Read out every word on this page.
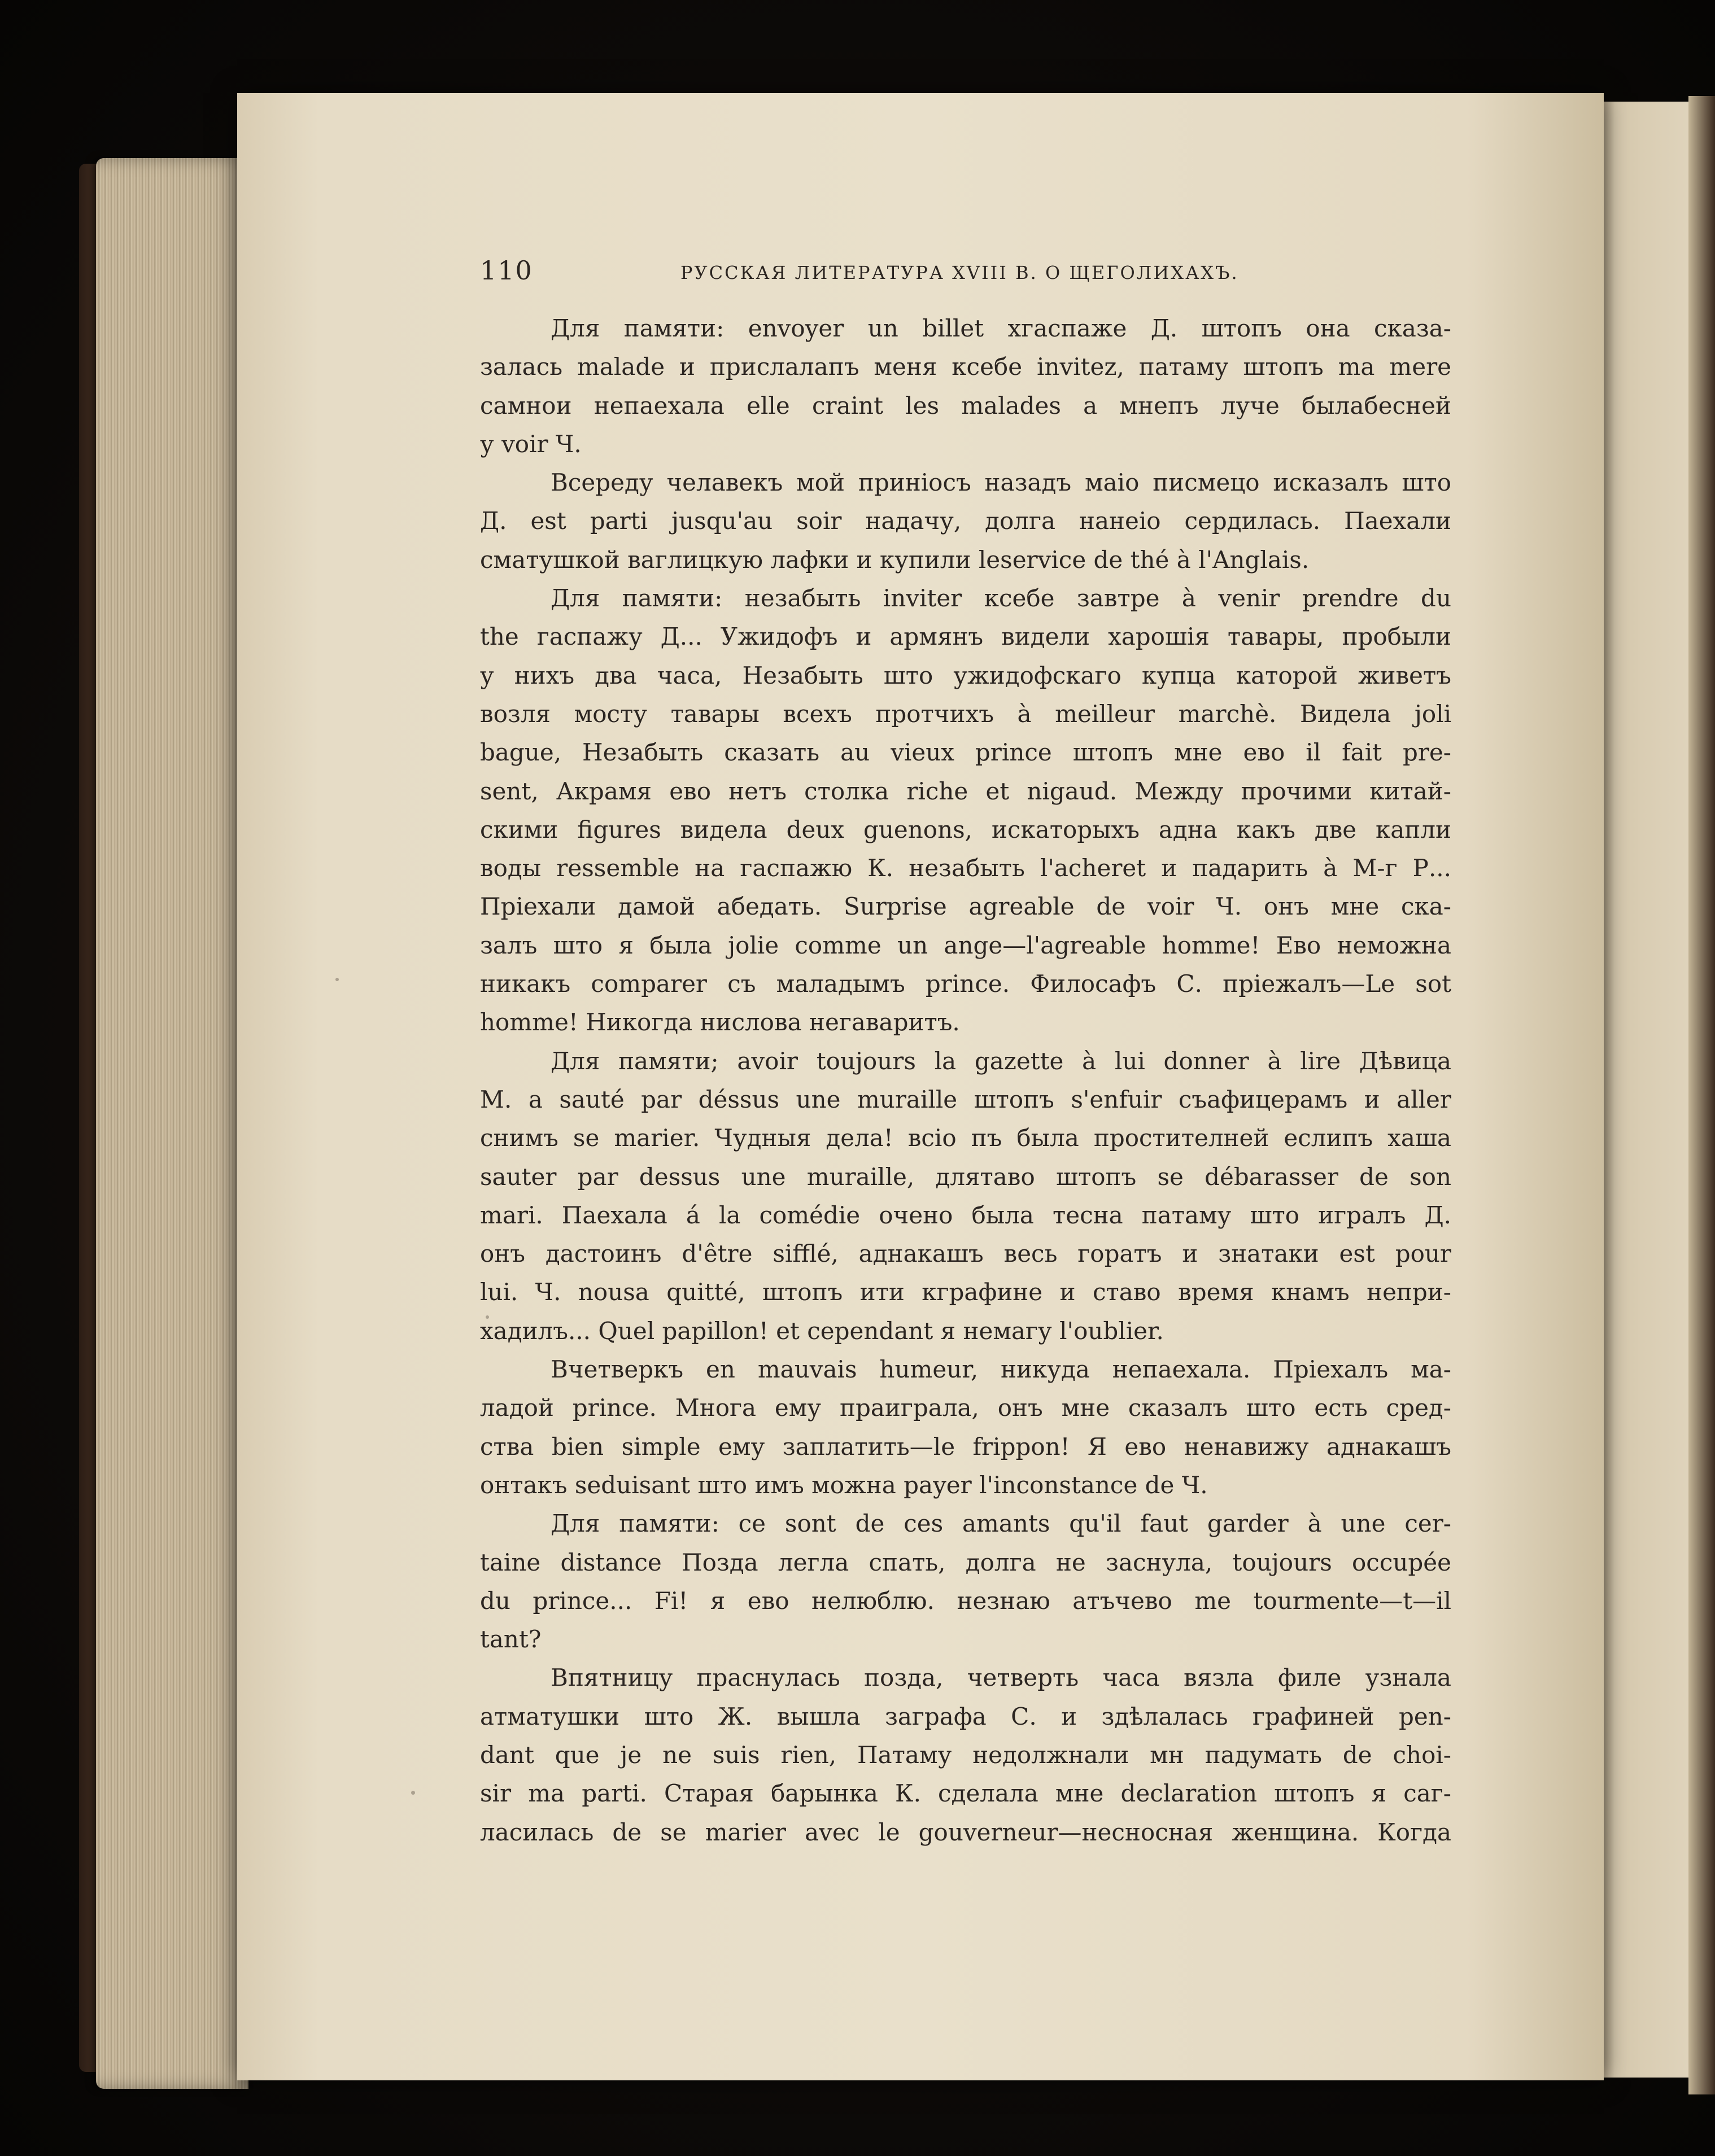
110	РУССКАЯ ЛИТЕРАТУРА XVIII В. О ЩЕГОЛИХАХЪ.
Для памяти: envoyer un billet хгаспаже Д. штопъ она сказа-
залась malade и прислалапъ меня ксебе invitez, патаму штопъ ma mere
самнои непаехала elle craint les malades а мнепъ луче былабесней
у voir Ч.
Всереду челавекъ мой приніосъ назадъ маіо писмецо исказалъ што
Д. est parti jusqu'au soir надачу, долга нанеіо сердилась. Паехали
сматушкой ваглицкую лафки и купили leservice de thé à l'Anglais.
Для памяти: незабыть inviter ксебе завтре à venir prendre du
the гаспажу Д... Ужидофъ и армянъ видели харошія тавары, пробыли
у нихъ два часа, Незабыть што ужидофскаго купца каторой живетъ
возля мосту тавары всехъ протчихъ à meilleur marchè. Видела joli
bague, Незабыть сказать au vieux prince штопъ мне ево il fait pre-
sent, Акрамя ево нетъ столка riche et nigaud. Между прочими китай-
скими figures видела deux guenons, искаторыхъ адна какъ две капли
воды ressemble на гаспажю К. незабыть l'acheret и падарить à М-г Р...
Пріехали дамой абедать. Surprise agreable de voir Ч. онъ мне ска-
залъ што я была jolie comme un ange—l'agreable homme! Ево неможна
никакъ comparer съ маладымъ prince. Филосафъ С. пріежалъ—Le sot
homme! Никогда нислова негаваритъ.
Для памяти; avoir toujours la gazette à lui donner à lire Дѣвица
М. а sauté par déssus une muraille штопъ s'enfuir съафицерамъ и aller
снимъ se marier. Чудныя дела! всіо пъ была простителней еслипъ хаша
sauter par dessus une muraille, длятаво штопъ se débarasser de son
mari. Паехала á la comédie очено была тесна патаму што игралъ Д.
онъ дастоинъ d'être sifflé, аднакашъ весь горатъ и знатаки est pour
lui. Ч. nousa quitté, штопъ ити кграфине и ставо время кнамъ непри-
хадилъ... Quel papillon! et cependant я немагу l'oublier.
Вчетверкъ en mauvais humeur, никуда непаехала. Пріехалъ ма-
ладой prince. Многа ему праиграла, онъ мне сказалъ што есть сред-
ства bien simple ему заплатить—le frippon! Я ево ненавижу аднакашъ
онтакъ seduisant што имъ можна payer l'inconstance de Ч.
Для памяти: ce sont de ces amants qu'il faut garder à une cer-
taine distance Позда легла спать, долга не заснула, toujours occupée
du prince... Fi! я ево нелюблю. незнаю атъчево me tourmente—t—il
tant?
Впятницу праснулась позда, четверть часа вязла филе узнала
атматушки што Ж. вышла заграфа С. и здѣлалась графиней pen-
dant que je ne suis rien, Патаму недолжнали мн падумать de choi-
sir ma parti. Старая барынка К. сделала мне declaration штопъ я саг-
ласилась de se marier avec le gouverneur—несносная женщина. Когда
